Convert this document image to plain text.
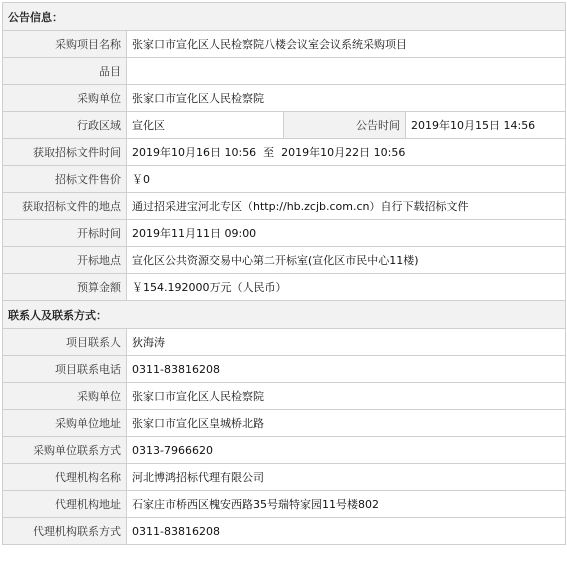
公告信息：			
采购项目名称	张家口市宣化区人民检察院八楼会议室会议系统采购项目		
品目			
采购单位	张家口市宣化区人民检察院		
行政区域	宣化区	公告时间	2019年10月15日 14:56
获取招标文件时间	2019年10月16日 10:56  至  2019年10月22日 10:56		
招标文件售价	￥0		
获取招标文件的地点	通过招采进宝河北专区（http://hb.zcjb.com.cn）自行下载招标文件		
开标时间	2019年11月11日 09:00		
开标地点	宣化区公共资源交易中心第二开标室(宣化区市民中心11楼)		
预算金额	￥154.192000万元（人民币）		
联系人及联系方式：			
项目联系人	狄海涛		
项目联系电话	0311-83816208		
采购单位	张家口市宣化区人民检察院		
采购单位地址	张家口市宣化区皇城桥北路		
采购单位联系方式	0313-7966620		
代理机构名称	河北博鸿招标代理有限公司		
代理机构地址	石家庄市桥西区槐安西路35号瑞特家园11号楼802		
代理机构联系方式	0311-83816208		
